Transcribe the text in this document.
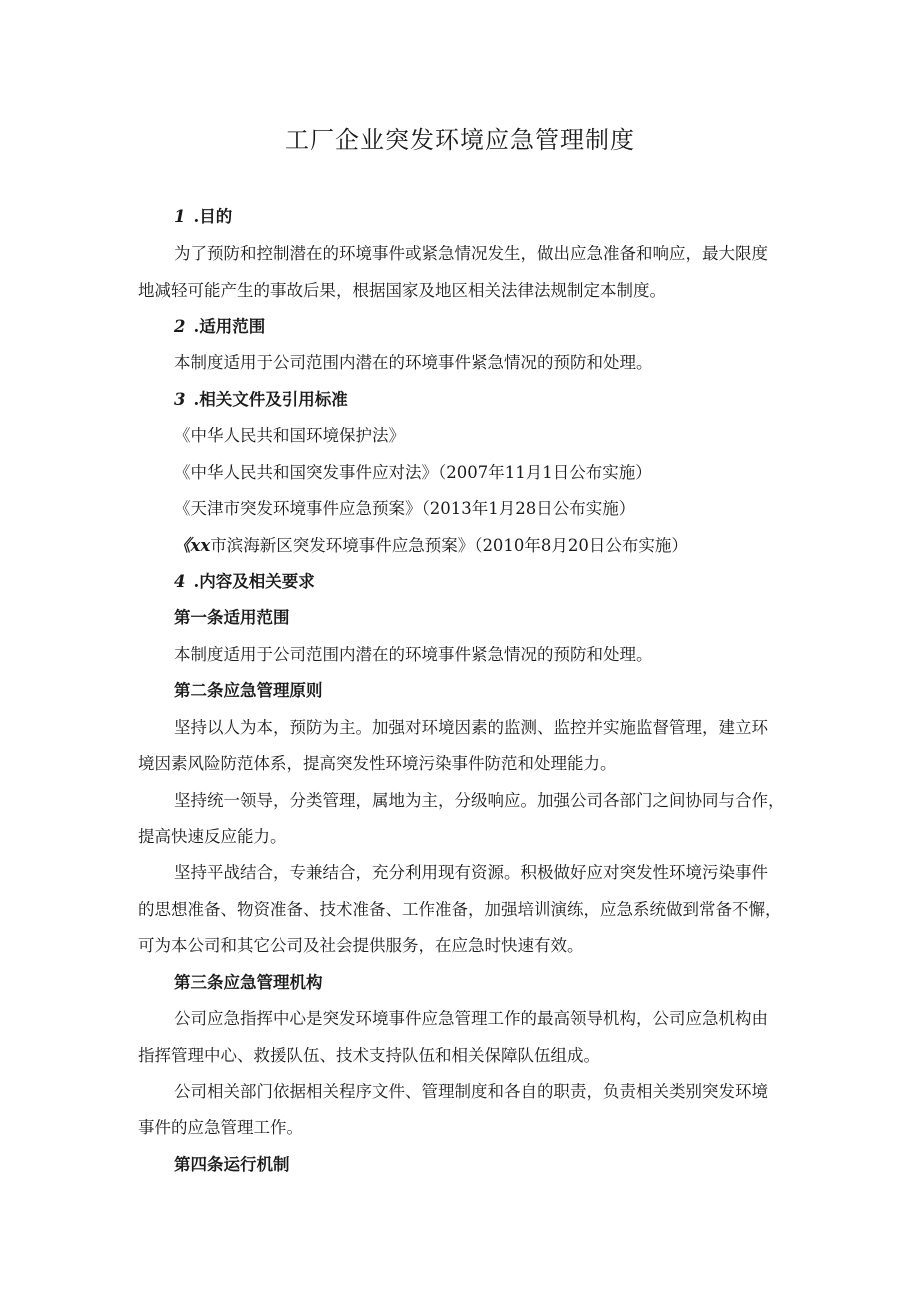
工厂企业突发环境应急管理制度
1 .目的
为了预防和控制潜在的环境事件或紧急情况发生，做出应急准备和响应，最大限度
地减轻可能产生的事故后果，根据国家及地区相关法律法规制定本制度。
2 .适用范围
本制度适用于公司范围内潜在的环境事件紧急情况的预防和处理。
3 .相关文件及引用标准
《中华人民共和国环境保护法》
《中华人民共和国突发事件应对法》（2007年11月1日公布实施）
《天津市突发环境事件应急预案》（2013年1月28日公布实施）
《xx市滨海新区突发环境事件应急预案》（2010年8月20日公布实施）
4 .内容及相关要求
第一条适用范围
本制度适用于公司范围内潜在的环境事件紧急情况的预防和处理。
第二条应急管理原则
坚持以人为本，预防为主。加强对环境因素的监测、监控并实施监督管理，建立环
境因素风险防范体系，提高突发性环境污染事件防范和处理能力。
坚持统一领导，分类管理，属地为主，分级响应。加强公司各部门之间协同与合作，
提高快速反应能力。
坚持平战结合，专兼结合，充分利用现有资源。积极做好应对突发性环境污染事件
的思想准备、物资准备、技术准备、工作准备，加强培训演练，应急系统做到常备不懈，
可为本公司和其它公司及社会提供服务，在应急时快速有效。
第三条应急管理机构
公司应急指挥中心是突发环境事件应急管理工作的最高领导机构，公司应急机构由
指挥管理中心、救援队伍、技术支持队伍和相关保障队伍组成。
公司相关部门依据相关程序文件、管理制度和各自的职责，负责相关类别突发环境
事件的应急管理工作。
第四条运行机制
